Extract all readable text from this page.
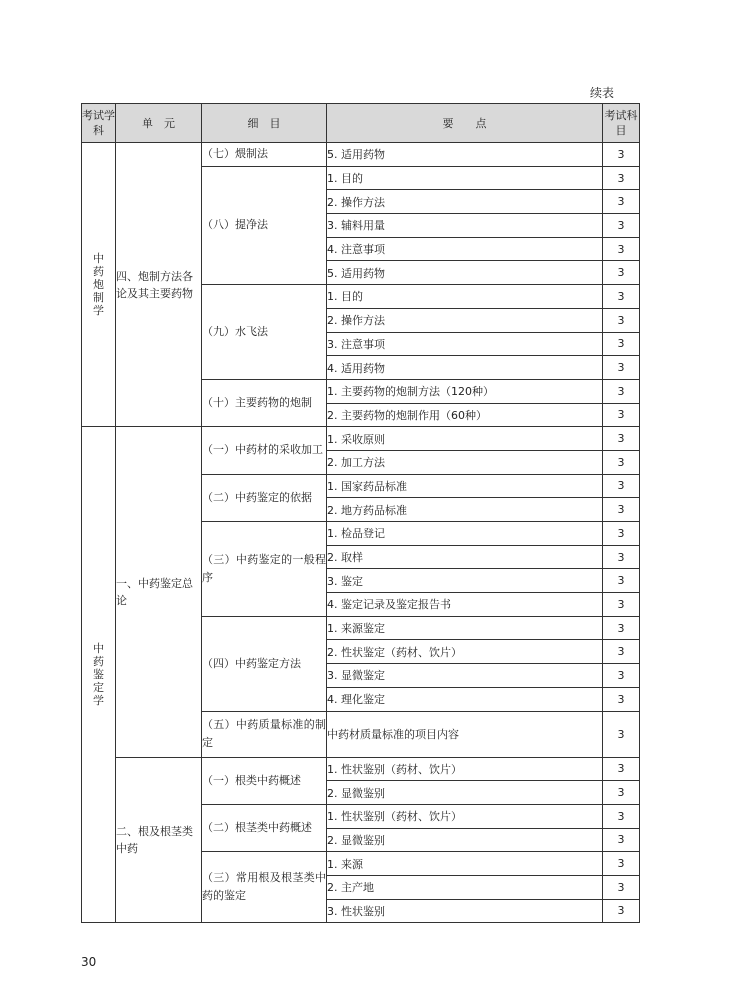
续表
考试学科	单　元	细　目	要　　点	考试科目
中药炮制学	四、炮制方法各论及其主要药物	（七）煨制法	5. 适用药物	3
		（八）提净法	1. 目的	3
			2. 操作方法	3
			3. 辅料用量	3
			4. 注意事项	3
			5. 适用药物	3
		（九）水飞法	1. 目的	3
			2. 操作方法	3
			3. 注意事项	3
			4. 适用药物	3
		（十）主要药物的炮制	1. 主要药物的炮制方法（120种）	3
			2. 主要药物的炮制作用（60种）	3
中药鉴定学	一、中药鉴定总论	（一）中药材的采收加工	1. 采收原则	3
			2. 加工方法	3
		（二）中药鉴定的依据	1. 国家药品标准	3
			2. 地方药品标准	3
		（三）中药鉴定的一般程序	1. 检品登记	3
			2. 取样	3
			3. 鉴定	3
			4. 鉴定记录及鉴定报告书	3
		（四）中药鉴定方法	1. 来源鉴定	3
			2. 性状鉴定（药材、饮片）	3
			3. 显微鉴定	3
			4. 理化鉴定	3
		（五）中药质量标准的制定	中药材质量标准的项目内容	3
	二、根及根茎类中药	（一）根类中药概述	1. 性状鉴别（药材、饮片）	3
			2. 显微鉴别	3
		（二）根茎类中药概述	1. 性状鉴别（药材、饮片）	3
			2. 显微鉴别	3
		（三）常用根及根茎类中药的鉴定	1. 来源	3
			2. 主产地	3
			3. 性状鉴别	3
30
